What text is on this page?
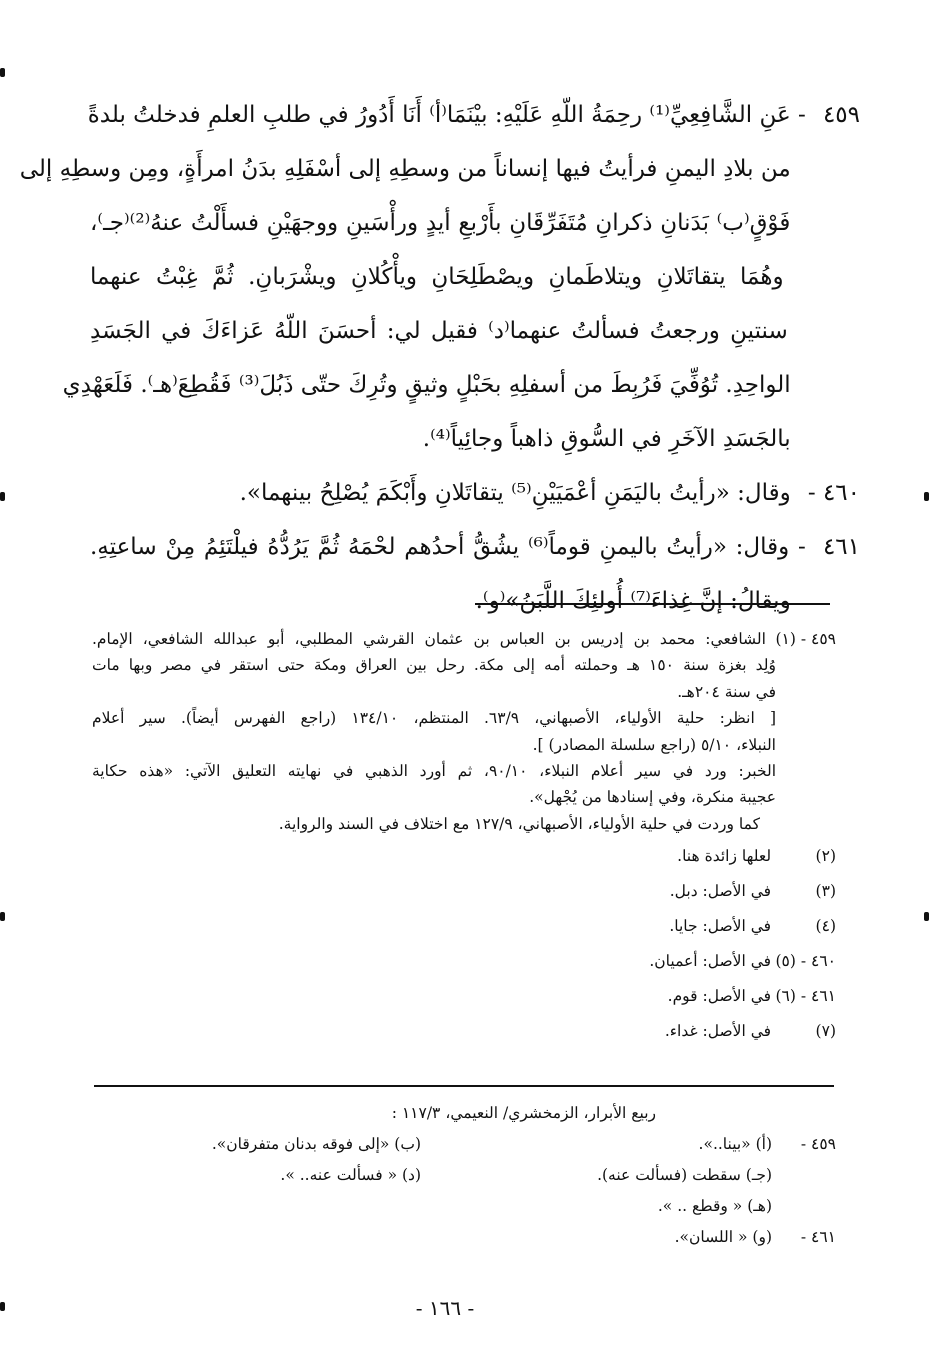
٤٥٩ - عَنِ الشَّافِعِيِّ⁽¹⁾ رحِمَةُ اللّهِ عَلَيْهِ: بيْنَمَا⁽أ⁾ أَنَا أَدُورُ في طلبِ العلمِ فدخلتُ بلدةً
من بلادِ اليمنِ فرأيتُ فيها إنساناً من وسطِهِ إلى أسْفَلِهِ بدَنُ امرأَةٍ، ومِن وسطِهِ إلى
فَوْقٍ⁽ب⁾ بَدَنانِ ذكرانِ مُتَفَرِّقَانِ بأَرْبعِ أيدٍ ورأْسَينِ ووجهَيْنِ فسأَلْتُ عنهُ⁽²⁾⁽جـ⁾،
وهُمَا يتقاتَلانِ ويتلاطَمانِ ويصْطَلِحَانِ ويأْكُلانِ ويشْرَبانِ. ثُمَّ غِبْتُ عنهما
سنتينِ ورجعتُ فسألتُ عنهما⁽د⁾ فقيل لي: أحسَنَ اللّهُ عَزاءَكَ في الجَسَدِ
الواحِدِ. تُوُفِّيَ فَرُبِطَ من أسفلِهِ بحَبْلٍ وثيقٍ وتُرِكَ حتّى ذَبُلَ⁽³⁾ فَقُطِعَ⁽هـ⁾. فَلَعَهْدِي
بالجَسَدِ الآخَرِ في السُّوقِ ذاهباً وجائِياً⁽⁴⁾.
٤٦٠ - وقال: «رأيتُ باليَمَنِ أعْمَيَيْنِ⁽⁵⁾ يتقاتَلانِ وأَبْكَمَ يُصْلِحُ بينهما».
٤٦١ - وقال: «رأيتُ باليمنِ قوماً⁽⁶⁾ يشُقُّ أحدُهم لحْمَهُ ثُمَّ يَرُدُّهُ فيلْتَئِمُ مِنْ ساعتِهِ.
ويقالُ: إنَّ غِذاءَ⁽⁷⁾ أُولئِكَ اللَّبَنُ»⁽و⁾.
٤٥٩ - (١) الشافعي: محمد بن إدريس بن العباس بن عثمان القرشي المطلبي، أبو عبدالله الشافعي، الإمام.
وُلِد بغزة سنة ١٥٠ هـ وحملته أمه إلى مكة. رحل بين العراق ومكة حتى استقر في مصر وبها مات
في سنة ٢٠٤هـ.
[ انظر: حلية الأولياء، الأصبهاني، ٦٣/٩. المنتظم، ١٣٤/١٠ (راجع الفهرس أيضاً). سير أعلام
النبلاء، ٥/١٠ (راجع سلسلة المصادر) ].
الخبر: ورد في سير أعلام النبلاء، ٩٠/١٠، ثم أورد الذهبي في نهايته التعليق الآتي: «هذه حكاية
عجيبة منكرة، وفي إسنادها من يُجْهل».
كما وردت في حلية الأولياء، الأصبهاني، ١٢٧/٩ مع اختلاف في السند والرواية.
(٢) لعلها زائدة هنا.
(٣) في الأصل: دبل.
(٤) في الأصل: جايا.
٤٦٠ - (٥) في الأصل: أعميان.
٤٦١ - (٦) في الأصل: قوم.
(٧) في الأصل: غداء.
ربيع الأبرار، الزمخشري/ النعيمي، ١١٧/٣ :
٤٥٩ -
(أ) «بينا..».
(ب) «إلى فوقه بدنان متفرقان».
(جـ) سقطت (فسألت عنه).
(د) « فسألت عنه.. ».
(هـ) « وقطع .. ».
٤٦١ -
(و) « اللسان».
- ١٦٦ -
